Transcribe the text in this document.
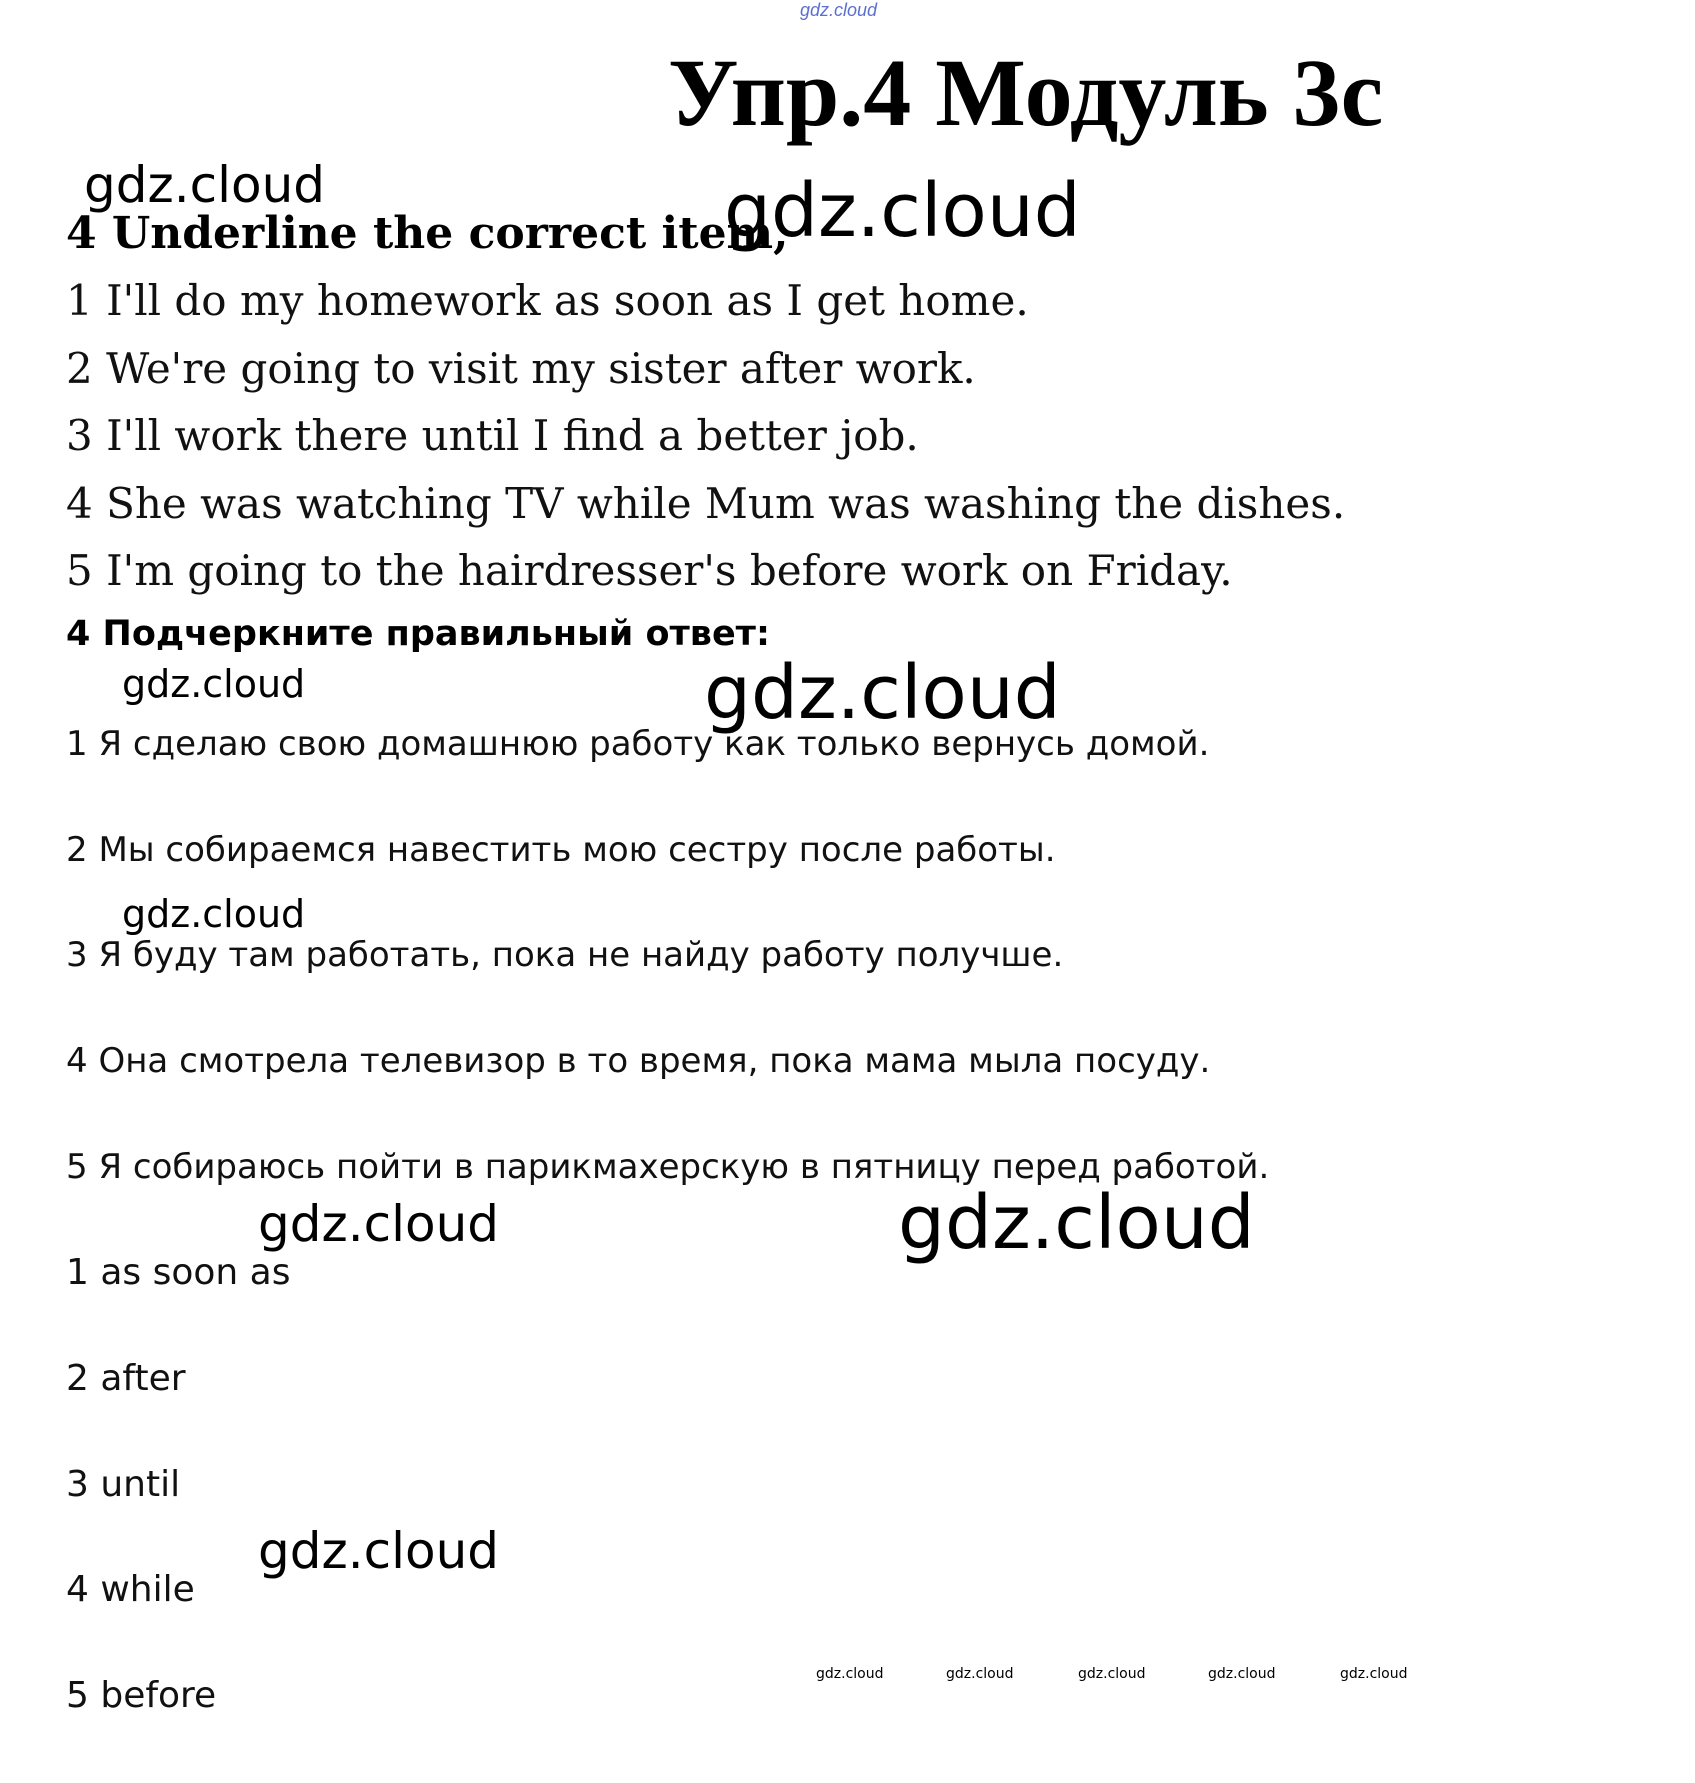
gdz.cloud
Упр.4 Модуль 3с
4 Underline the correct item,
1 I'll do my homework as soon as I get home.
2 We're going to visit my sister after work.
3 I'll work there until I find a better job.
4 She was watching TV while Mum was washing the dishes.
5 I'm going to the hairdresser's before work on Friday.
4 Подчеркните правильный ответ:
1 Я сделаю свою домашнюю работу как только вернусь домой.
2 Мы собираемся навестить мою сестру после работы.
3 Я буду там работать, пока не найду работу получше.
4 Она смотрела телевизор в то время, пока мама мыла посуду.
5 Я собираюсь пойти в парикмахерскую в пятницу перед работой.
1 as soon as
2 after
3 until
4 while
5 before
gdz.cloud	gdz.cloud
gdz.cloud	gdz.cloud
gdz.cloud
gdz.cloud	gdz.cloud
gdz.cloud
gdz.cloud	gdz.cloud	gdz.cloud	gdz.cloud	gdz.cloud
